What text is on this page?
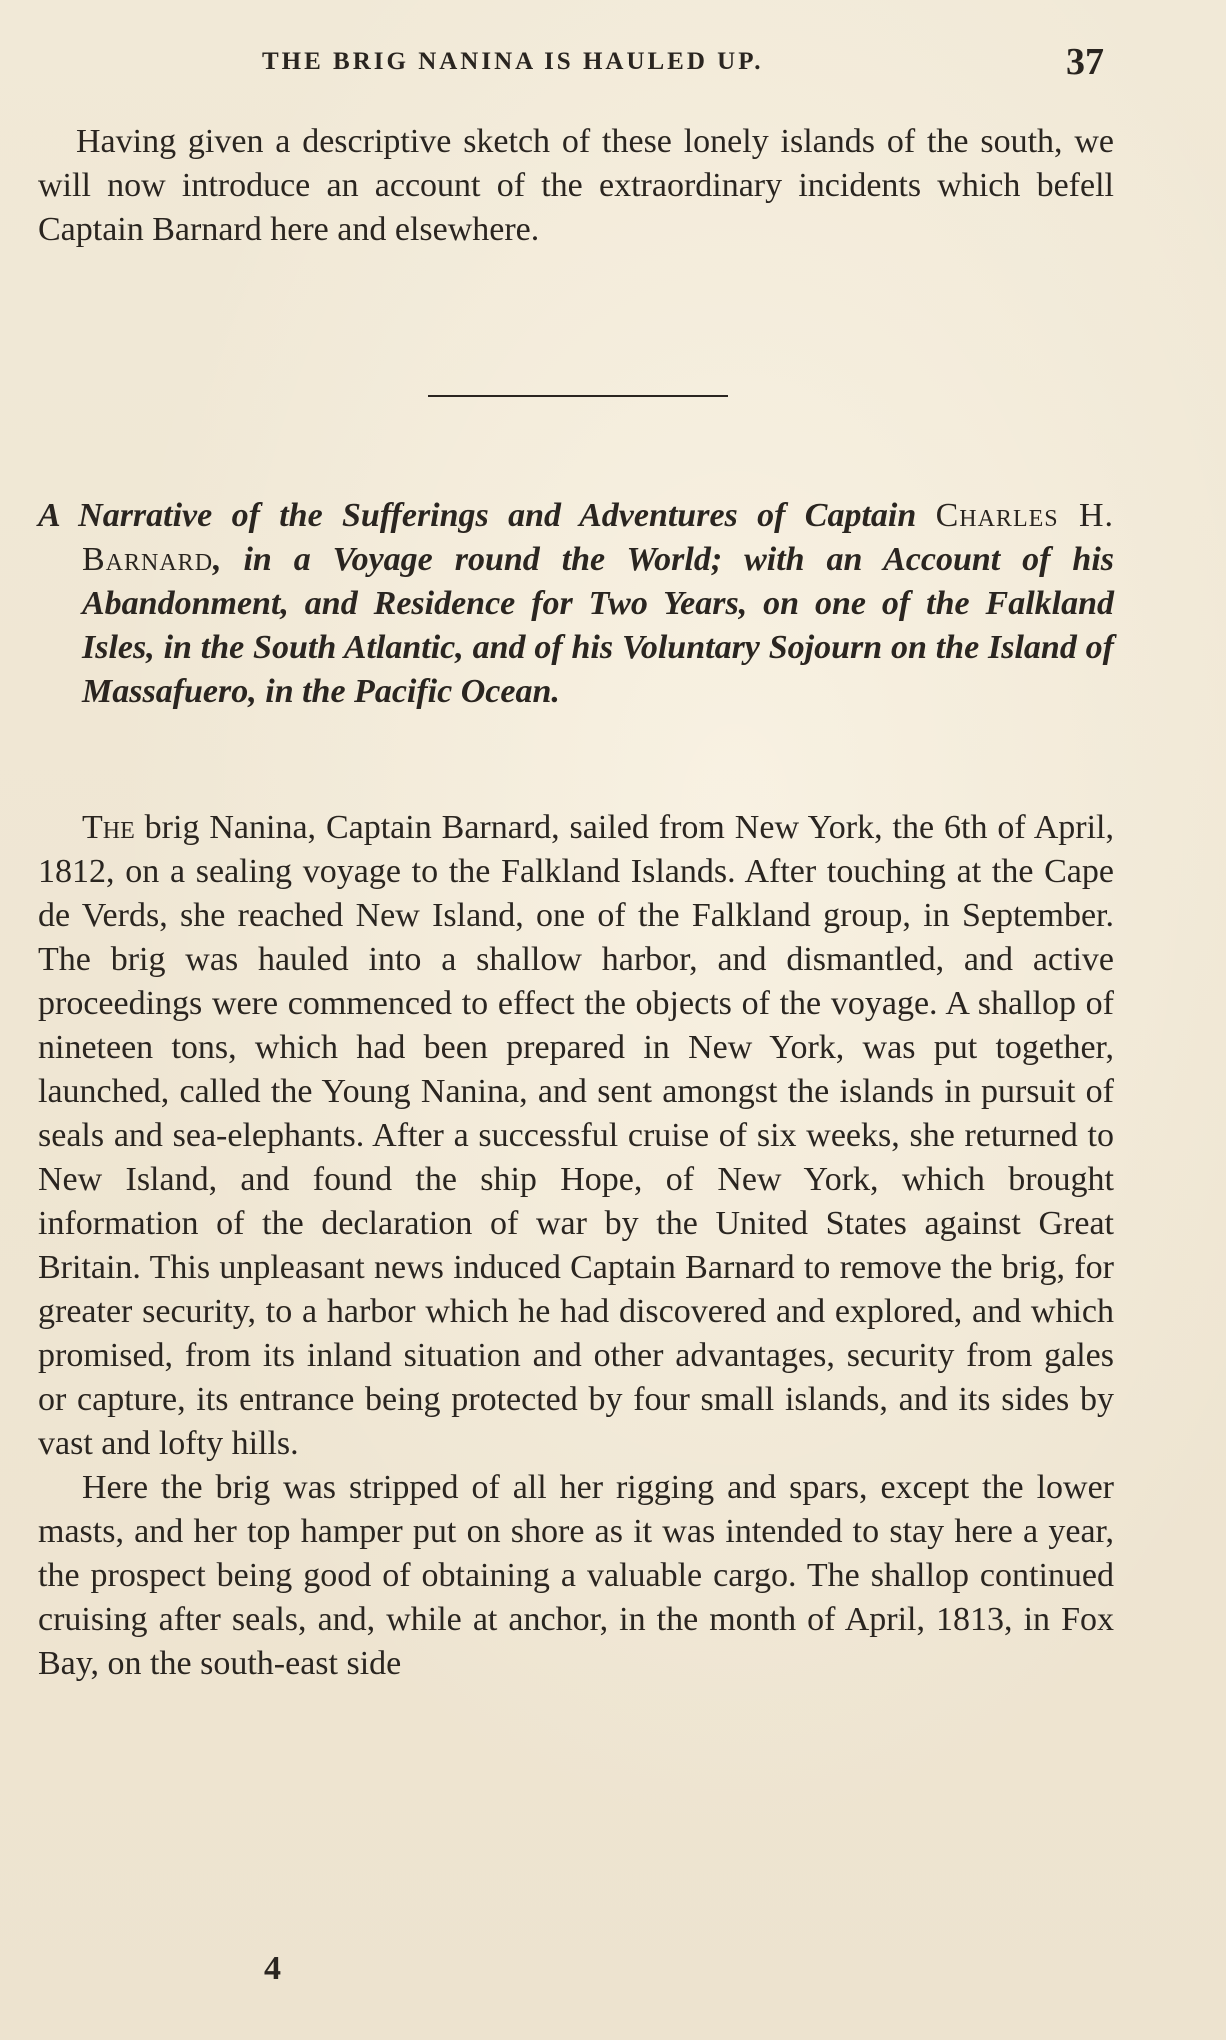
THE BRIG NANINA IS HAULED UP.	37

Having given a descriptive sketch of these lonely islands of the south, we will now introduce an account of the extraordinary incidents which befell Captain Barnard here and elsewhere.

A Narrative of the Sufferings and Adventures of Captain Charles H. Barnard, in a Voyage round the World; with an Account of his Abandonment, and Residence for Two Years, on one of the Falkland Isles, in the South Atlantic, and of his Voluntary Sojourn on the Island of Massafuero, in the Pacific Ocean.

The brig Nanina, Captain Barnard, sailed from New York, the 6th of April, 1812, on a sealing voyage to the Falkland Islands. After touching at the Cape de Verds, she reached New Island, one of the Falkland group, in September. The brig was hauled into a shallow harbor, and dismantled, and active proceedings were commenced to effect the objects of the voyage. A shallop of nineteen tons, which had been prepared in New York, was put together, launched, called the Young Nanina, and sent amongst the islands in pursuit of seals and sea-elephants. After a successful cruise of six weeks, she returned to New Island, and found the ship Hope, of New York, which brought information of the declaration of war by the United States against Great Britain. This unpleasant news induced Captain Barnard to remove the brig, for greater security, to a harbor which he had discovered and explored, and which promised, from its inland situation and other advantages, security from gales or capture, its entrance being protected by four small islands, and its sides by vast and lofty hills.

Here the brig was stripped of all her rigging and spars, except the lower masts, and her top hamper put on shore as it was intended to stay here a year, the prospect being good of obtaining a valuable cargo. The shallop continued cruising after seals, and, while at anchor, in the month of April, 1813, in Fox Bay, on the south-east side

4
